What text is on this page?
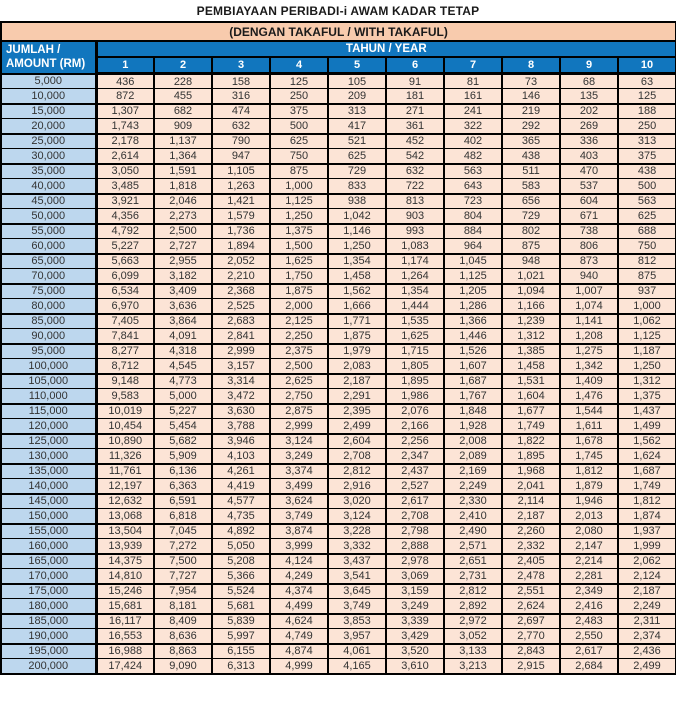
PEMBIAYAAN PERIBADI-i AWAM KADAR TETAP
(DENGAN TAKAFUL / WITH TAKAFUL)										

JUMLAH /
AMOUNT (RM)	TAHUN / YEAR									
	1	2	3	4	5	6	7	8	9	10
5,000	436	228	158	125	105	91	81	73	68	63
10,000	872	455	316	250	209	181	161	146	135	125
15,000	1,307	682	474	375	313	271	241	219	202	188
20,000	1,743	909	632	500	417	361	322	292	269	250
25,000	2,178	1,137	790	625	521	452	402	365	336	313
30,000	2,614	1,364	947	750	625	542	482	438	403	375
35,000	3,050	1,591	1,105	875	729	632	563	511	470	438
40,000	3,485	1,818	1,263	1,000	833	722	643	583	537	500
45,000	3,921	2,046	1,421	1,125	938	813	723	656	604	563
50,000	4,356	2,273	1,579	1,250	1,042	903	804	729	671	625
55,000	4,792	2,500	1,736	1,375	1,146	993	884	802	738	688
60,000	5,227	2,727	1,894	1,500	1,250	1,083	964	875	806	750
65,000	5,663	2,955	2,052	1,625	1,354	1,174	1,045	948	873	812
70,000	6,099	3,182	2,210	1,750	1,458	1,264	1,125	1,021	940	875
75,000	6,534	3,409	2,368	1,875	1,562	1,354	1,205	1,094	1,007	937
80,000	6,970	3,636	2,525	2,000	1,666	1,444	1,286	1,166	1,074	1,000
85,000	7,405	3,864	2,683	2,125	1,771	1,535	1,366	1,239	1,141	1,062
90,000	7,841	4,091	2,841	2,250	1,875	1,625	1,446	1,312	1,208	1,125
95,000	8,277	4,318	2,999	2,375	1,979	1,715	1,526	1,385	1,275	1,187
100,000	8,712	4,545	3,157	2,500	2,083	1,805	1,607	1,458	1,342	1,250
105,000	9,148	4,773	3,314	2,625	2,187	1,895	1,687	1,531	1,409	1,312
110,000	9,583	5,000	3,472	2,750	2,291	1,986	1,767	1,604	1,476	1,375
115,000	10,019	5,227	3,630	2,875	2,395	2,076	1,848	1,677	1,544	1,437
120,000	10,454	5,454	3,788	2,999	2,499	2,166	1,928	1,749	1,611	1,499
125,000	10,890	5,682	3,946	3,124	2,604	2,256	2,008	1,822	1,678	1,562
130,000	11,326	5,909	4,103	3,249	2,708	2,347	2,089	1,895	1,745	1,624
135,000	11,761	6,136	4,261	3,374	2,812	2,437	2,169	1,968	1,812	1,687
140,000	12,197	6,363	4,419	3,499	2,916	2,527	2,249	2,041	1,879	1,749
145,000	12,632	6,591	4,577	3,624	3,020	2,617	2,330	2,114	1,946	1,812
150,000	13,068	6,818	4,735	3,749	3,124	2,708	2,410	2,187	2,013	1,874
155,000	13,504	7,045	4,892	3,874	3,228	2,798	2,490	2,260	2,080	1,937
160,000	13,939	7,272	5,050	3,999	3,332	2,888	2,571	2,332	2,147	1,999
165,000	14,375	7,500	5,208	4,124	3,437	2,978	2,651	2,405	2,214	2,062
170,000	14,810	7,727	5,366	4,249	3,541	3,069	2,731	2,478	2,281	2,124
175,000	15,246	7,954	5,524	4,374	3,645	3,159	2,812	2,551	2,349	2,187
180,000	15,681	8,181	5,681	4,499	3,749	3,249	2,892	2,624	2,416	2,249
185,000	16,117	8,409	5,839	4,624	3,853	3,339	2,972	2,697	2,483	2,311
190,000	16,553	8,636	5,997	4,749	3,957	3,429	3,052	2,770	2,550	2,374
195,000	16,988	8,863	6,155	4,874	4,061	3,520	3,133	2,843	2,617	2,436
200,000	17,424	9,090	6,313	4,999	4,165	3,610	3,213	2,915	2,684	2,499
